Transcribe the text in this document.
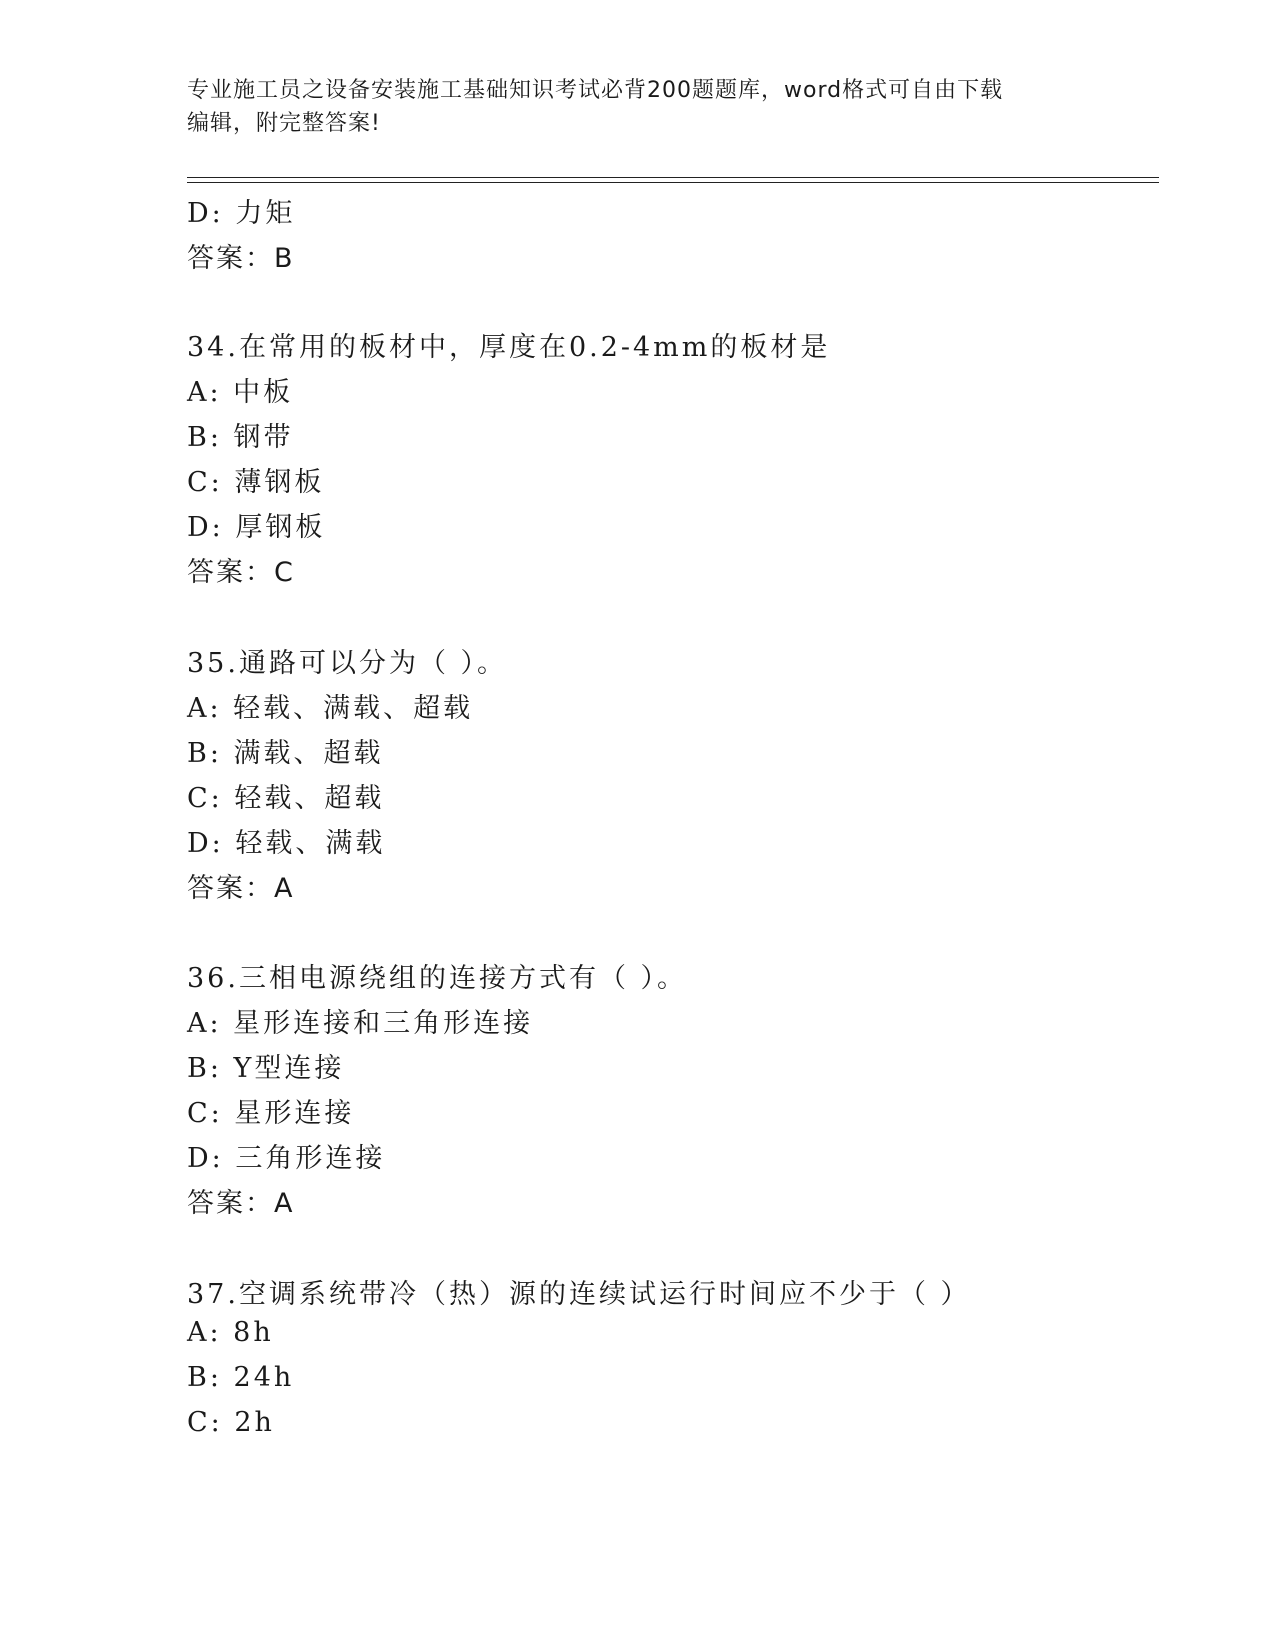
专业施工员之设备安装施工基础知识考试必背200题题库，word格式可自由下载
编辑，附完整答案!
D: 力矩
答案：B
34.在常用的板材中，厚度在0.2-4mm的板材是
A: 中板
B: 钢带
C: 薄钢板
D: 厚钢板
答案：C
35.通路可以分为（ ）。
A: 轻载、满载、超载
B: 满载、超载
C: 轻载、超载
D: 轻载、满载
答案：A
36.三相电源绕组的连接方式有（ ）。
A: 星形连接和三角形连接
B: Y型连接
C: 星形连接
D: 三角形连接
答案：A
37.空调系统带冷（热）源的连续试运行时间应不少于（ ）
A: 8h
B: 24h
C: 2h
